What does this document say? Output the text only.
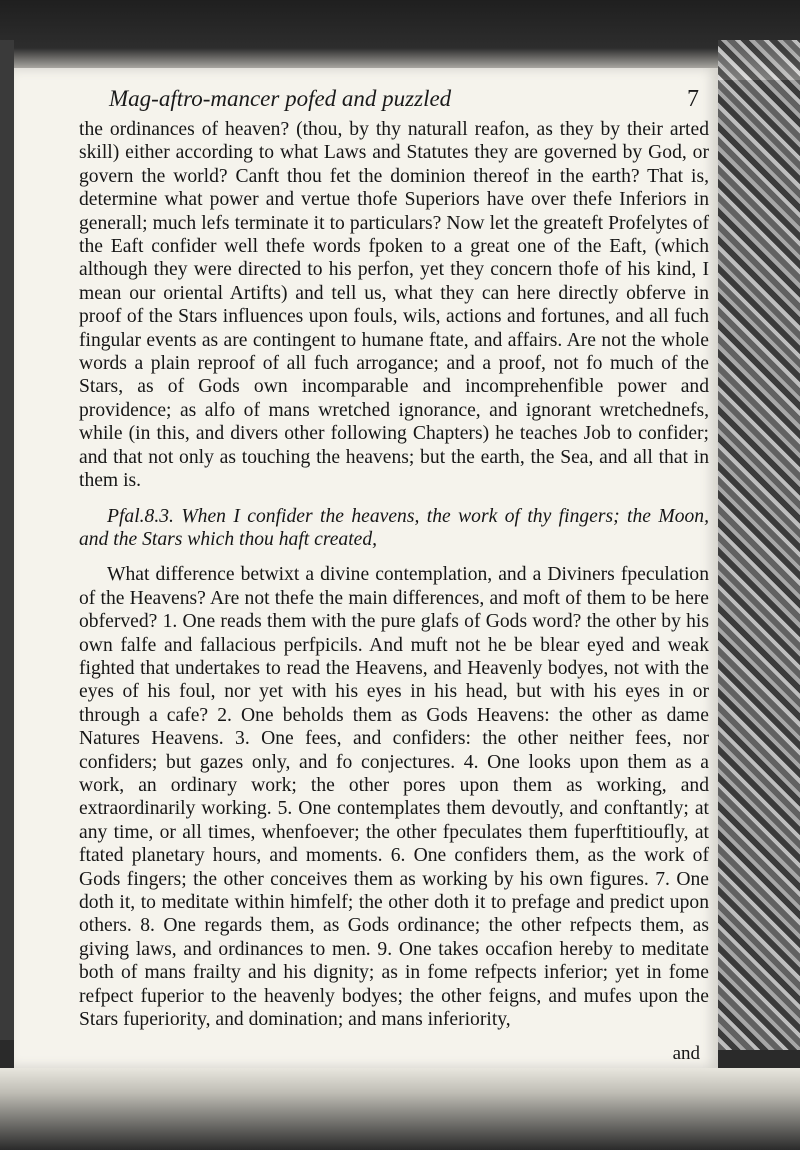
Mag-aftro-mancer pofed and puzzled	7

the ordinances of heaven? (thou, by thy naturall reafon, as they by their arted skill) either according to what Laws and Statutes they are governed by God, or govern the world? Canft thou fet the dominion thereof in the earth? That is, determine what power and vertue thofe Superiors have over thefe Inferiors in generall; much lefs terminate it to particulars? Now let the greateft Profelytes of the Eaft confider well thefe words fpoken to a great one of the Eaft, (which although they were directed to his perfon, yet they concern thofe of his kind, I mean our oriental Artifts) and tell us, what they can here directly obferve in proof of the Stars influences upon fouls, wils, actions and fortunes, and all fuch fingular events as are contingent to humane ftate, and affairs. Are not the whole words a plain reproof of all fuch arrogance; and a proof, not fo much of the Stars, as of Gods own incomparable and incomprehenfible power and providence; as alfo of mans wretched ignorance, and ignorant wretchednefs, while (in this, and divers other following Chapters) he teaches Job to confider; and that not only as touching the heavens; but the earth, the Sea, and all that in them is.

Pfal.8.3. When I confider the heavens, the work of thy fingers; the Moon, and the Stars which thou haft created,

What difference betwixt a divine contemplation, and a Diviners fpeculation of the Heavens? Are not thefe the main differences, and moft of them to be here obferved? 1. One reads them with the pure glafs of Gods word? the other by his own falfe and fallacious perfpicils. And muft not he be blear eyed and weak fighted that undertakes to read the Heavens, and Heavenly bodyes, not with the eyes of his foul, nor yet with his eyes in his head, but with his eyes in or through a cafe? 2. One beholds them as Gods Heavens: the other as dame Natures Heavens. 3. One fees, and confiders: the other neither fees, nor confiders; but gazes only, and fo conjectures. 4. One looks upon them as a work, an ordinary work; the other pores upon them as working, and extraordinarily working. 5. One contemplates them devoutly, and conftantly; at any time, or all times, whenfoever; the other fpeculates them fuperftitioufly, at ftated planetary hours, and moments. 6. One confiders them, as the work of Gods fingers; the other conceives them as working by his own figures. 7. One doth it, to meditate within himfelf; the other doth it to prefage and predict upon others. 8. One regards them, as Gods ordinance; the other refpects them, as giving laws, and ordinances to men. 9. One takes occafion hereby to meditate both of mans frailty and his dignity; as in fome refpects inferior; yet in fome refpect fuperior to the heavenly bodyes; the other feigns, and mufes upon the Stars fuperiority, and domination; and mans inferiority,

and
